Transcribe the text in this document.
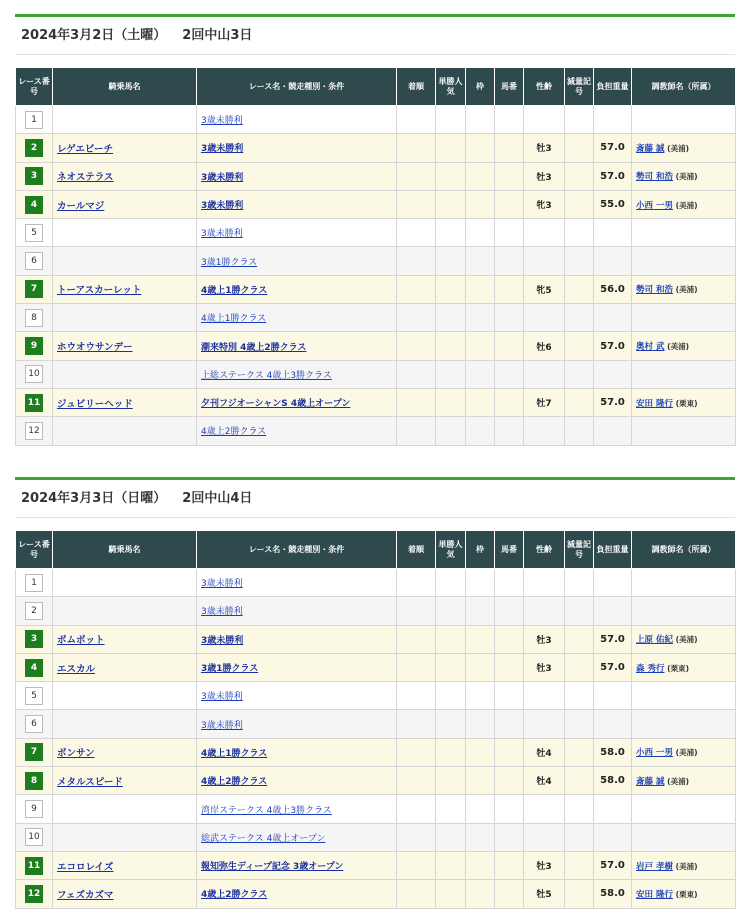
2024年3月2日（土曜） 2回中山3日
レース番号	騎乗馬名	レース名・競走種別・条件	着順	単勝人気	枠	馬番	性齢	減量記号	負担重量	調教師名（所属）
1		3歳未勝利								
2	レゲエビーチ	3歳未勝利					牡3		57.0	斎藤 誠 (美浦)
3	ネオステラス	3歳未勝利					牡3		57.0	勢司 和浩 (美浦)
4	カールマジ	3歳未勝利					牝3		55.0	小西 一男 (美浦)
5		3歳未勝利								
6		3歳1勝クラス								
7	トーアスカーレット	4歳上1勝クラス					牝5		56.0	勢司 和浩 (美浦)
8		4歳上1勝クラス								
9	ホウオウサンデー	潮来特別 4歳上2勝クラス					牡6		57.0	奥村 武 (美浦)
10		上総ステークス 4歳上3勝クラス								
11	ジュビリーヘッド	夕刊フジオーシャンS 4歳上オープン					牡7		57.0	安田 隆行 (栗東)
12		4歳上2勝クラス								
2024年3月3日（日曜） 2回中山4日
レース番号	騎乗馬名	レース名・競走種別・条件	着順	単勝人気	枠	馬番	性齢	減量記号	負担重量	調教師名（所属）
1		3歳未勝利								
2		3歳未勝利								
3	ボムボット	3歳未勝利					牡3		57.0	上原 佑紀 (美浦)
4	エスカル	3歳1勝クラス					牡3		57.0	森 秀行 (栗東)
5		3歳未勝利								
6		3歳未勝利								
7	ボンサン	4歳上1勝クラス					牡4		58.0	小西 一男 (美浦)
8	メタルスピード	4歳上2勝クラス					牡4		58.0	斎藤 誠 (美浦)
9		湾岸ステークス 4歳上3勝クラス								
10		総武ステークス 4歳上オープン								
11	エコロレイズ	報知弥生ディープ記念 3歳オープン					牡3		57.0	岩戸 孝樹 (美浦)
12	フェズカズマ	4歳上2勝クラス					牡5		58.0	安田 隆行 (栗東)
